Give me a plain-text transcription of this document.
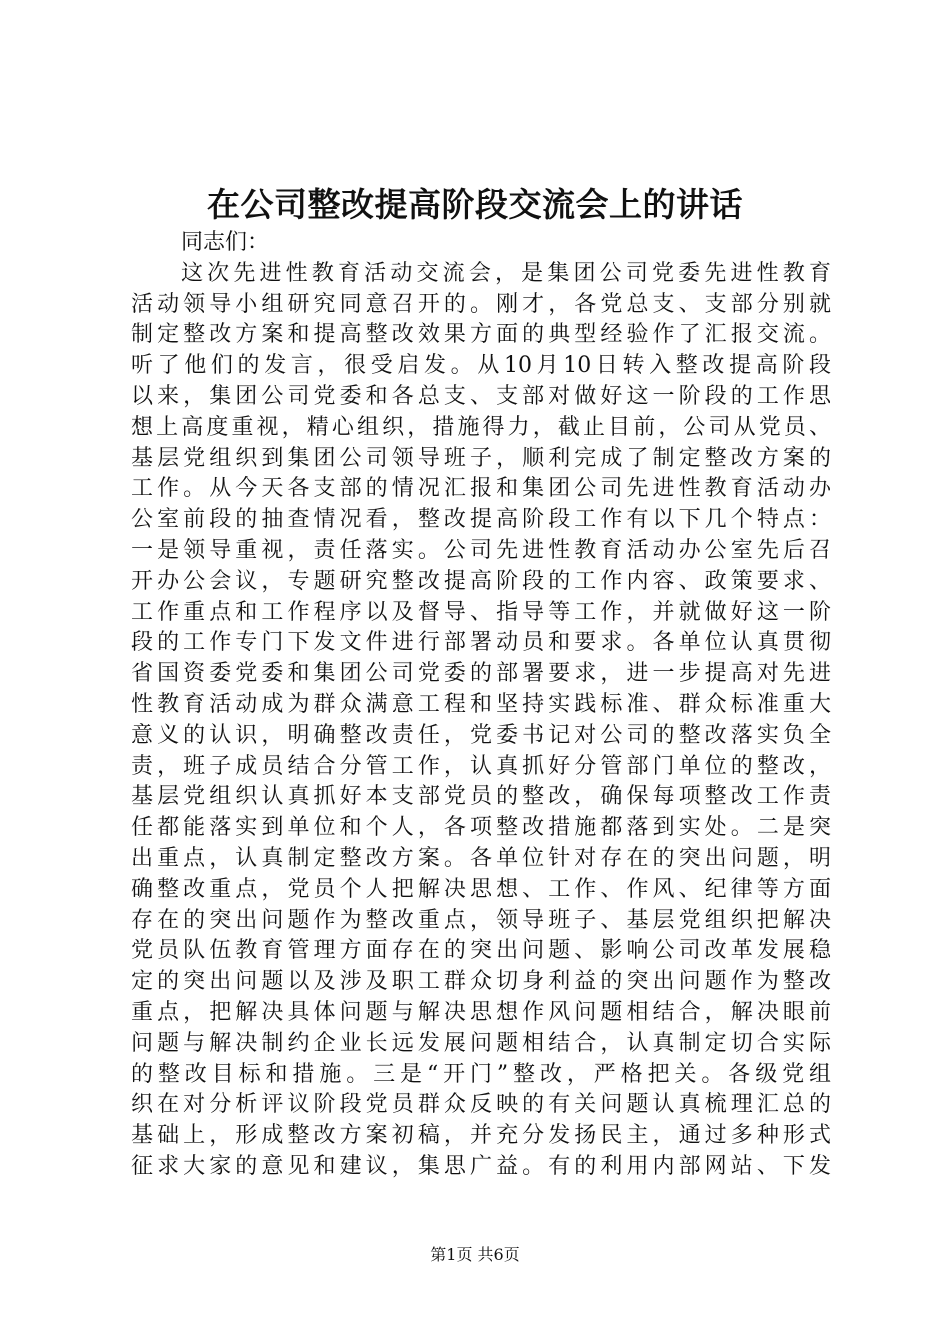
在公司整改提高阶段交流会上的讲话
同志们：
这次先进性教育活动交流会，是集团公司党委先进性教育
活动领导小组研究同意召开的。刚才，各党总支、支部分别就
制定整改方案和提高整改效果方面的典型经验作了汇报交流。
听了他们的发言，很受启发。从10月10日转入整改提高阶段
以来，集团公司党委和各总支、支部对做好这一阶段的工作思
想上高度重视，精心组织，措施得力，截止目前，公司从党员、
基层党组织到集团公司领导班子，顺利完成了制定整改方案的
工作。从今天各支部的情况汇报和集团公司先进性教育活动办
公室前段的抽查情况看，整改提高阶段工作有以下几个特点：
一是领导重视，责任落实。公司先进性教育活动办公室先后召
开办公会议，专题研究整改提高阶段的工作内容、政策要求、
工作重点和工作程序以及督导、指导等工作，并就做好这一阶
段的工作专门下发文件进行部署动员和要求。各单位认真贯彻
省国资委党委和集团公司党委的部署要求，进一步提高对先进
性教育活动成为群众满意工程和坚持实践标准、群众标准重大
意义的认识，明确整改责任，党委书记对公司的整改落实负全
责，班子成员结合分管工作，认真抓好分管部门单位的整改，
基层党组织认真抓好本支部党员的整改，确保每项整改工作责
任都能落实到单位和个人，各项整改措施都落到实处。二是突
出重点，认真制定整改方案。各单位针对存在的突出问题，明
确整改重点，党员个人把解决思想、工作、作风、纪律等方面
存在的突出问题作为整改重点，领导班子、基层党组织把解决
党员队伍教育管理方面存在的突出问题、影响公司改革发展稳
定的突出问题以及涉及职工群众切身利益的突出问题作为整改
重点，把解决具体问题与解决思想作风问题相结合，解决眼前
问题与解决制约企业长远发展问题相结合，认真制定切合实际
的整改目标和措施。三是“开门”整改，严格把关。各级党组
织在对分析评议阶段党员群众反映的有关问题认真梳理汇总的
基础上，形成整改方案初稿，并充分发扬民主，通过多种形式
征求大家的意见和建议，集思广益。有的利用内部网站、下发
第1页 共6页
